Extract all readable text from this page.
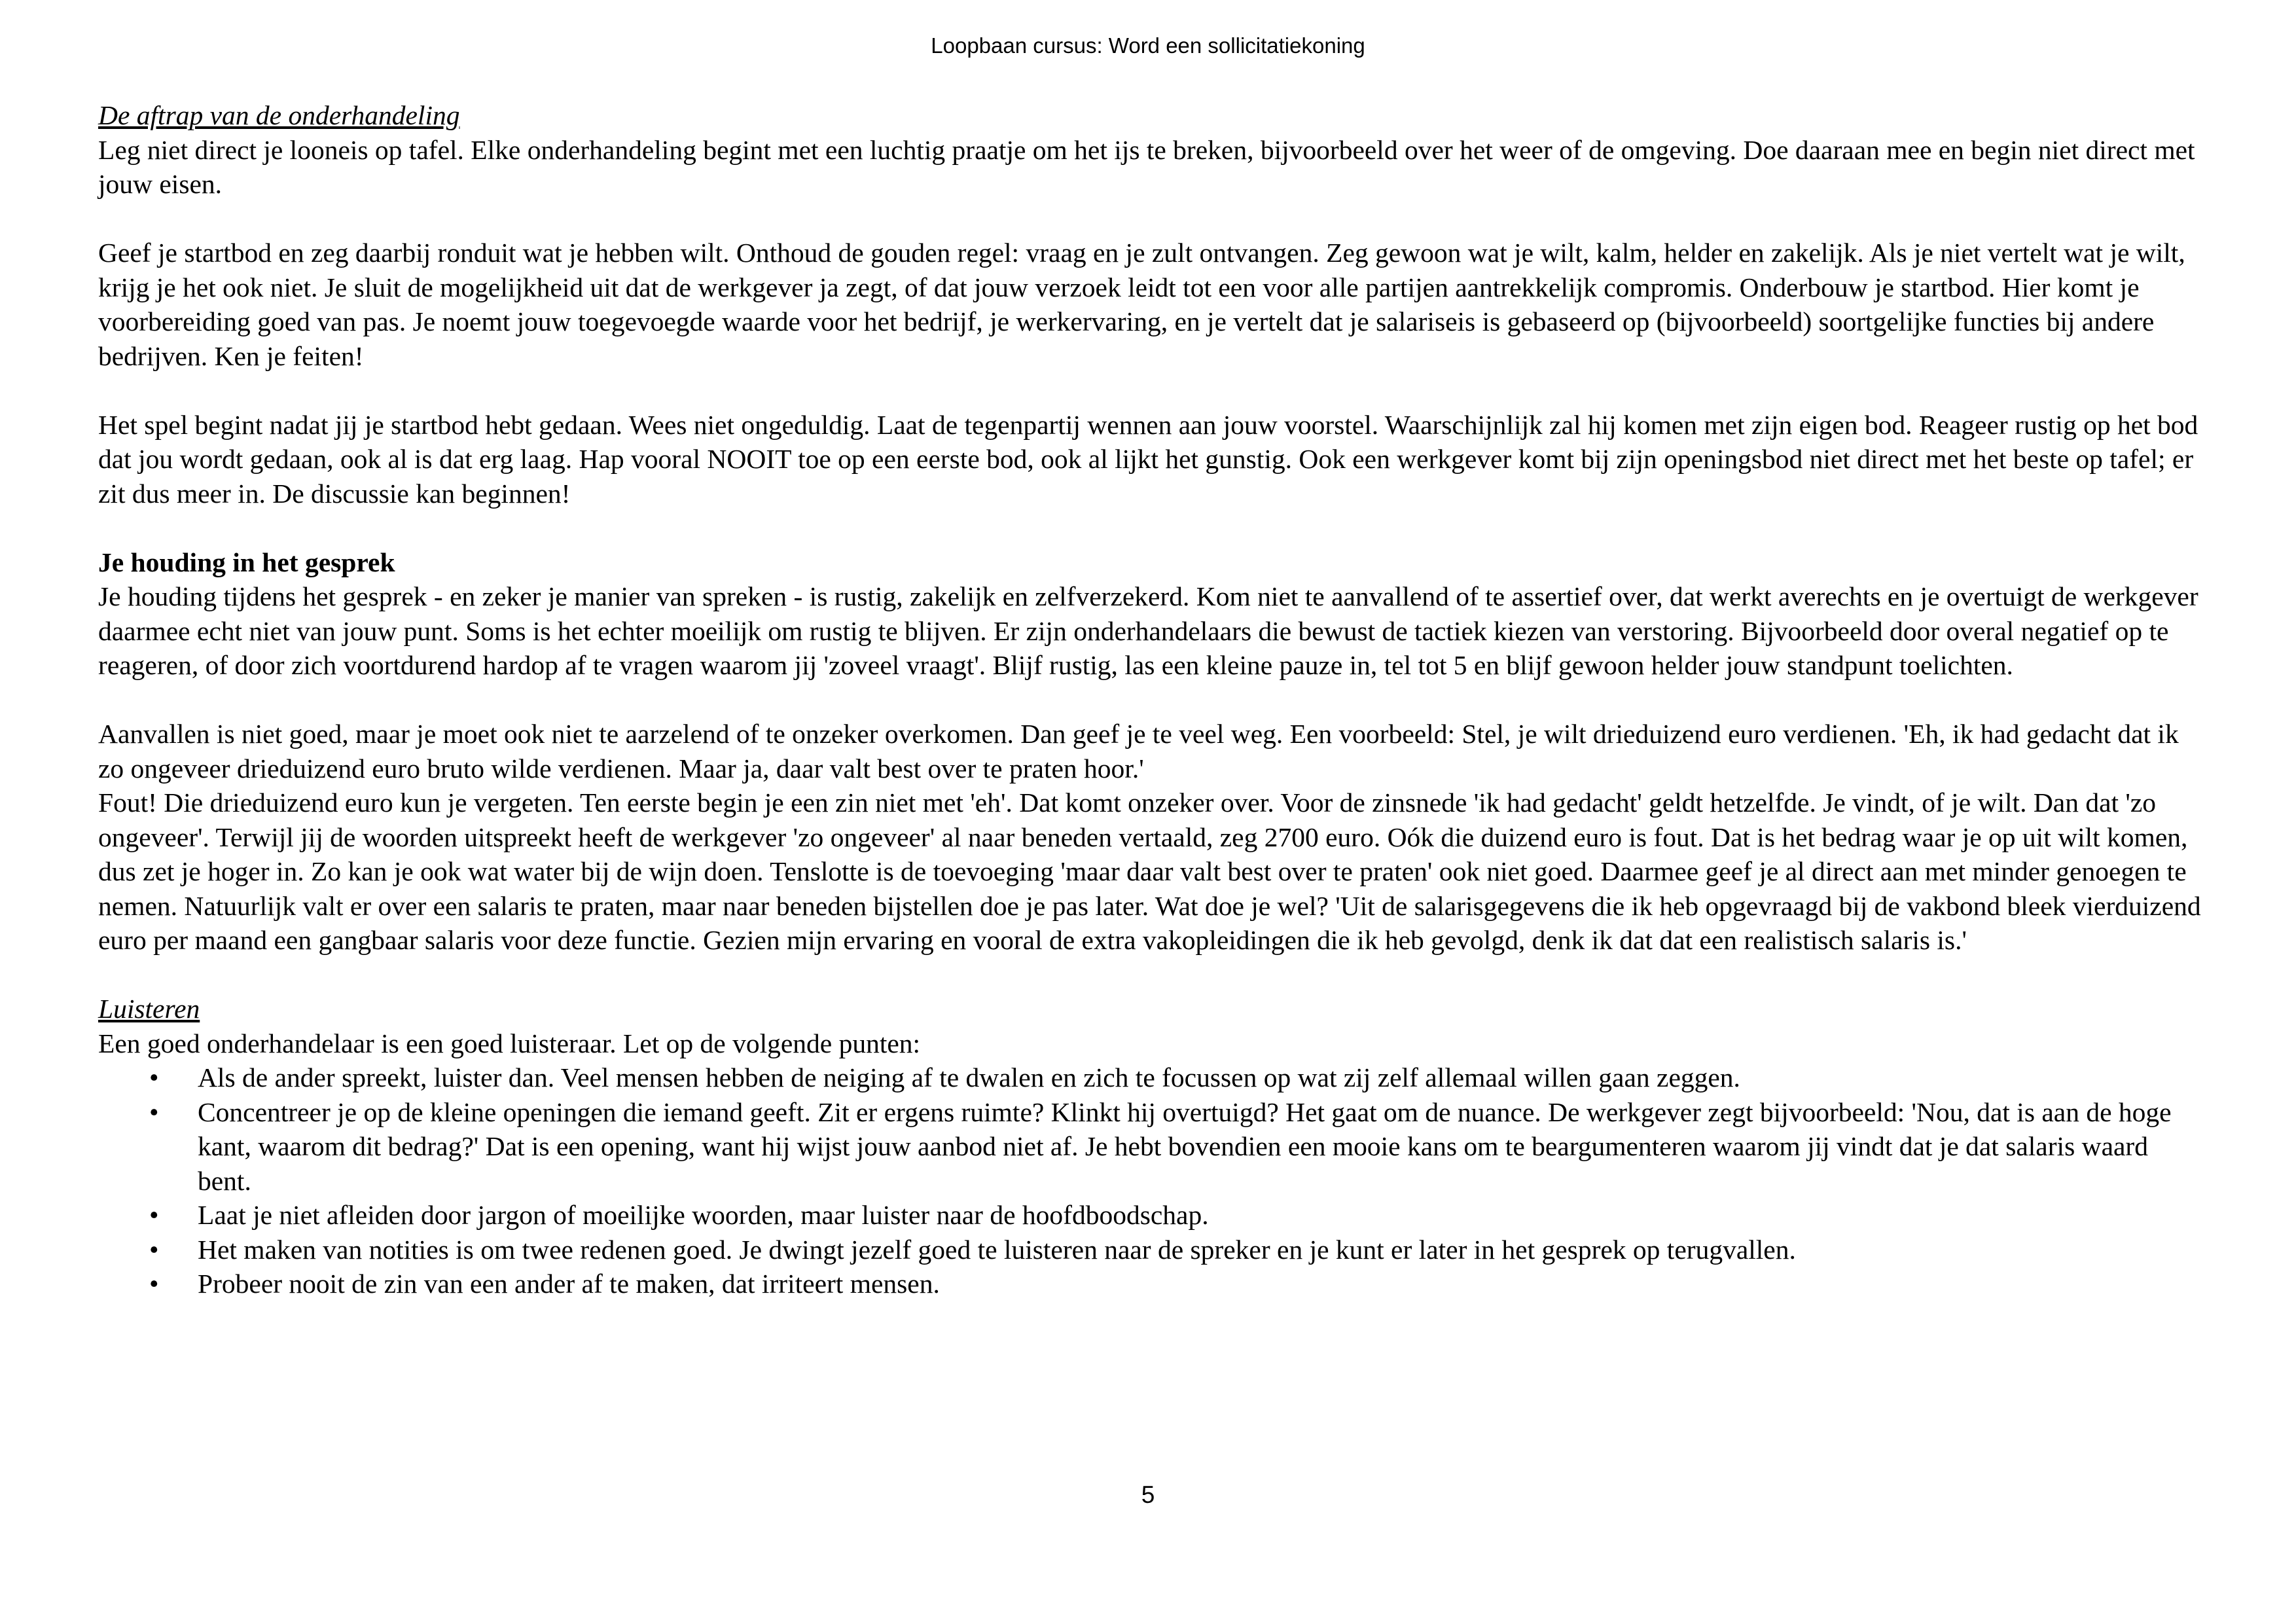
Loopbaan cursus: Word een sollicitatiekoning

De aftrap van de onderhandeling

Leg niet direct je looneis op tafel. Elke onderhandeling begint met een luchtig praatje om het ijs te breken, bijvoorbeeld over het weer of de omgeving. Doe daaraan mee en begin niet direct met jouw eisen.

Geef je startbod en zeg daarbij ronduit wat je hebben wilt. Onthoud de gouden regel: vraag en je zult ontvangen. Zeg gewoon wat je wilt, kalm, helder en zakelijk. Als je niet vertelt wat je wilt, krijg je het ook niet. Je sluit de mogelijkheid uit dat de werkgever ja zegt, of dat jouw verzoek leidt tot een voor alle partijen aantrekkelijk compromis. Onderbouw je startbod. Hier komt je voorbereiding goed van pas. Je noemt jouw toegevoegde waarde voor het bedrijf, je werkervaring, en je vertelt dat je salariseis is gebaseerd op (bijvoorbeeld) soortgelijke functies bij andere bedrijven. Ken je feiten!

Het spel begint nadat jij je startbod hebt gedaan. Wees niet ongeduldig. Laat de tegenpartij wennen aan jouw voorstel. Waarschijnlijk zal hij komen met zijn eigen bod. Reageer rustig op het bod dat jou wordt gedaan, ook al is dat erg laag. Hap vooral NOOIT toe op een eerste bod, ook al lijkt het gunstig. Ook een werkgever komt bij zijn openingsbod niet direct met het beste op tafel; er zit dus meer in. De discussie kan beginnen!

Je houding in het gesprek

Je houding tijdens het gesprek - en zeker je manier van spreken - is rustig, zakelijk en zelfverzekerd. Kom niet te aanvallend of te assertief over, dat werkt averechts en je overtuigt de werkgever daarmee echt niet van jouw punt. Soms is het echter moeilijk om rustig te blijven. Er zijn onderhandelaars die bewust de tactiek kiezen van verstoring. Bijvoorbeeld door overal negatief op te reageren, of door zich voortdurend hardop af te vragen waarom jij 'zoveel vraagt'. Blijf rustig, las een kleine pauze in, tel tot 5 en blijf gewoon helder jouw standpunt toelichten.

Aanvallen is niet goed, maar je moet ook niet te aarzelend of te onzeker overkomen. Dan geef je te veel weg. Een voorbeeld: Stel, je wilt drieduizend euro verdienen. 'Eh, ik had gedacht dat ik zo ongeveer drieduizend euro bruto wilde verdienen. Maar ja, daar valt best over te praten hoor.'

Fout! Die drieduizend euro kun je vergeten. Ten eerste begin je een zin niet met 'eh'. Dat komt onzeker over. Voor de zinsnede 'ik had gedacht' geldt hetzelfde. Je vindt, of je wilt. Dan dat 'zo ongeveer'. Terwijl jij de woorden uitspreekt heeft de werkgever 'zo ongeveer' al naar beneden vertaald, zeg 2700 euro. Oók die duizend euro is fout. Dat is het bedrag waar je op uit wilt komen, dus zet je hoger in. Zo kan je ook wat water bij de wijn doen. Tenslotte is de toevoeging 'maar daar valt best over te praten' ook niet goed. Daarmee geef je al direct aan met minder genoegen te nemen. Natuurlijk valt er over een salaris te praten, maar naar beneden bijstellen doe je pas later. Wat doe je wel? 'Uit de salarisgegevens die ik heb opgevraagd bij de vakbond bleek vierduizend euro per maand een gangbaar salaris voor deze functie. Gezien mijn ervaring en vooral de extra vakopleidingen die ik heb gevolgd, denk ik dat dat een realistisch salaris is.'

Luisteren

Een goed onderhandelaar is een goed luisteraar. Let op de volgende punten:

• Als de ander spreekt, luister dan. Veel mensen hebben de neiging af te dwalen en zich te focussen op wat zij zelf allemaal willen gaan zeggen.
• Concentreer je op de kleine openingen die iemand geeft. Zit er ergens ruimte? Klinkt hij overtuigd? Het gaat om de nuance. De werkgever zegt bijvoorbeeld: 'Nou, dat is aan de hoge kant, waarom dit bedrag?' Dat is een opening, want hij wijst jouw aanbod niet af. Je hebt bovendien een mooie kans om te beargumenteren waarom jij vindt dat je dat salaris waard bent.
• Laat je niet afleiden door jargon of moeilijke woorden, maar luister naar de hoofdboodschap.
• Het maken van notities is om twee redenen goed. Je dwingt jezelf goed te luisteren naar de spreker en je kunt er later in het gesprek op terugvallen.
• Probeer nooit de zin van een ander af te maken, dat irriteert mensen.
5
